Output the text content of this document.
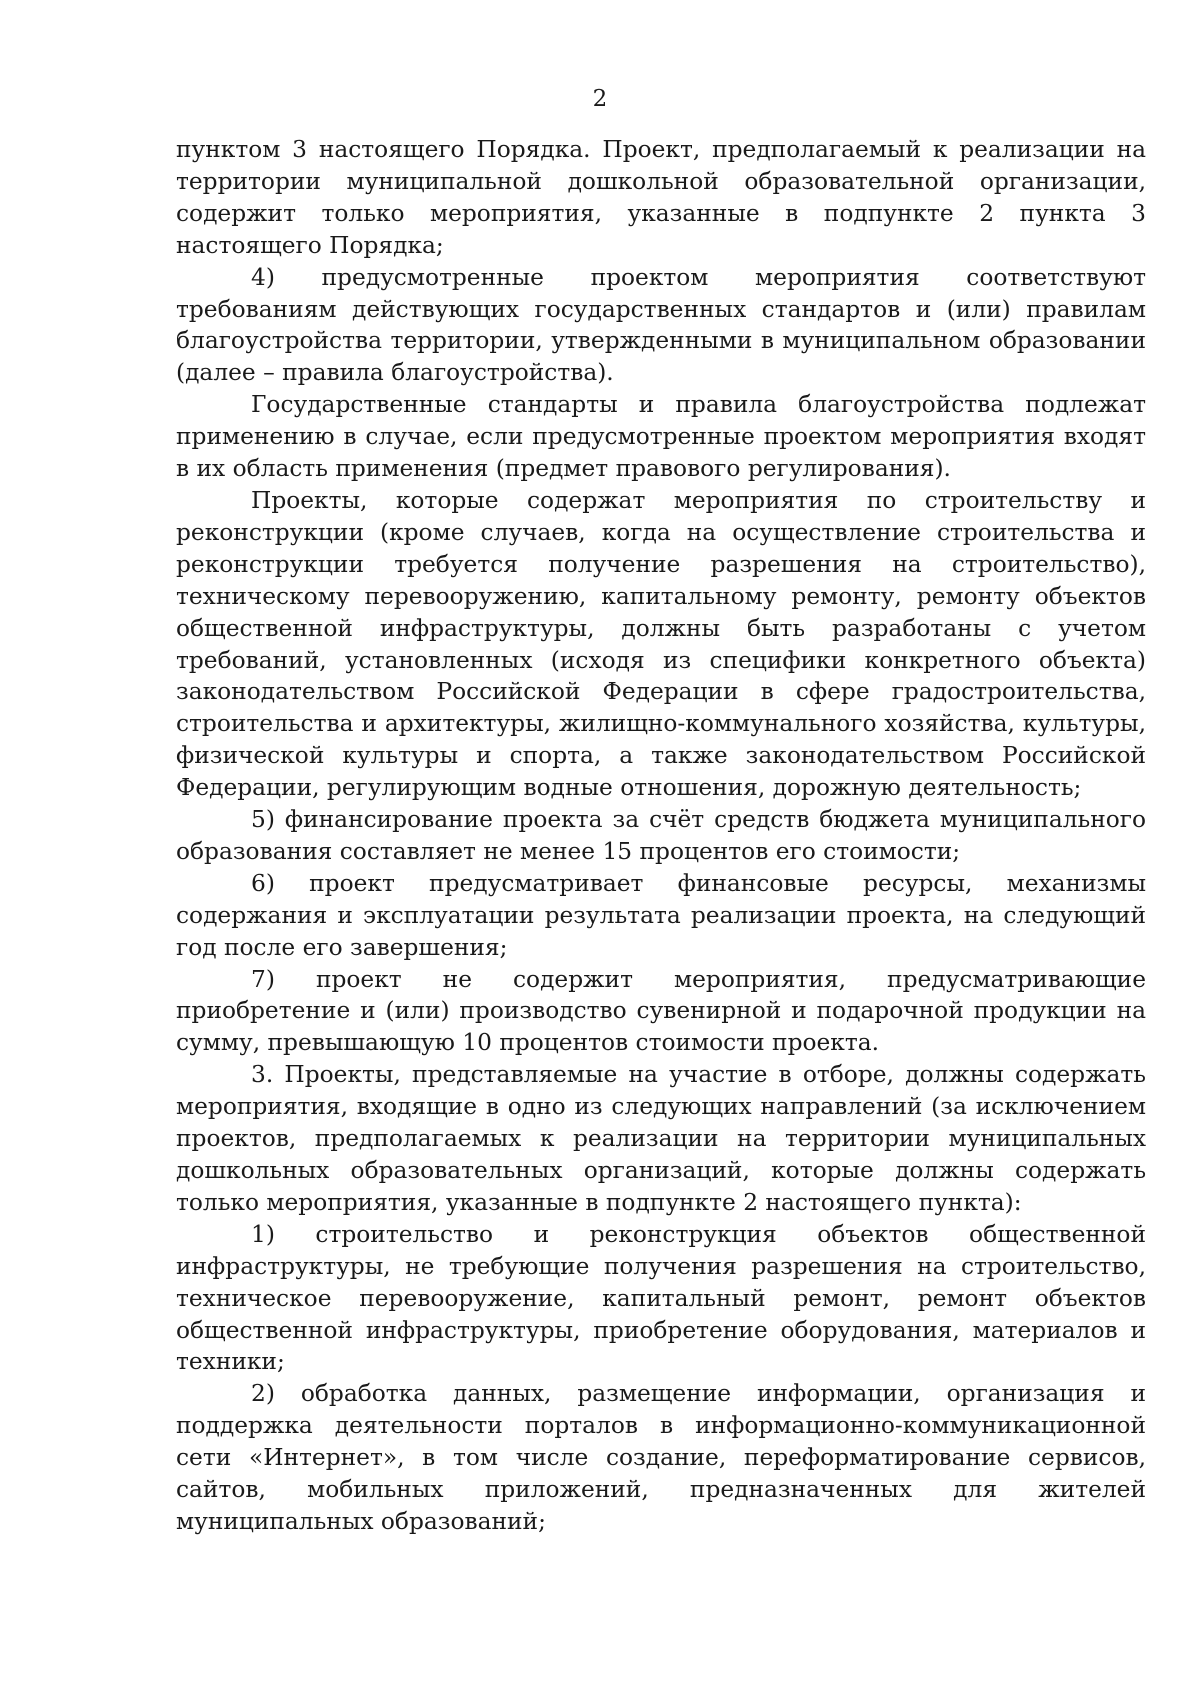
2

пунктом 3 настоящего Порядка. Проект, предполагаемый к реализации на территории муниципальной дошкольной образовательной организации, содержит только мероприятия, указанные в подпункте 2 пункта 3 настоящего Порядка;

4) предусмотренные проектом мероприятия соответствуют требованиям действующих государственных стандартов и (или) правилам благоустройства территории, утвержденными в муниципальном образовании (далее – правила благоустройства).

Государственные стандарты и правила благоустройства подлежат применению в случае, если предусмотренные проектом мероприятия входят в их область применения (предмет правового регулирования).

Проекты, которые содержат мероприятия по строительству и реконструкции (кроме случаев, когда на осуществление строительства и реконструкции требуется получение разрешения на строительство), техническому перевооружению, капитальному ремонту, ремонту объектов общественной инфраструктуры, должны быть разработаны с учетом требований, установленных (исходя из специфики конкретного объекта) законодательством Российской Федерации в сфере градостроительства, строительства и архитектуры, жилищно-коммунального хозяйства, культуры, физической культуры и спорта, а также законодательством Российской Федерации, регулирующим водные отношения, дорожную деятельность;

5) финансирование проекта за счёт средств бюджета муниципального образования составляет не менее 15 процентов его стоимости;

6) проект предусматривает финансовые ресурсы, механизмы содержания и эксплуатации результата реализации проекта, на следующий год после его завершения;

7) проект не содержит мероприятия, предусматривающие приобретение и (или) производство сувенирной и подарочной продукции на сумму, превышающую 10 процентов стоимости проекта.

3. Проекты, представляемые на участие в отборе, должны содержать мероприятия, входящие в одно из следующих направлений (за исключением проектов, предполагаемых к реализации на территории муниципальных дошкольных образовательных организаций, которые должны содержать только мероприятия, указанные в подпункте 2 настоящего пункта):

1) строительство и реконструкция объектов общественной инфраструктуры, не требующие получения разрешения на строительство, техническое перевооружение, капитальный ремонт, ремонт объектов общественной инфраструктуры, приобретение оборудования, материалов и техники;

2) обработка данных, размещение информации, организация и поддержка деятельности порталов в информационно-коммуникационной сети «Интернет», в том числе создание, переформатирование сервисов, сайтов, мобильных приложений, предназначенных для жителей муниципальных образований;
